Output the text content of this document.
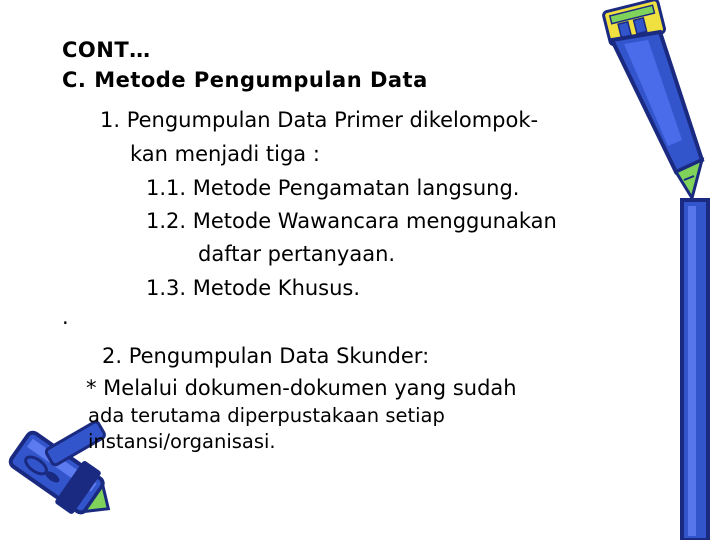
CONT…
C. Metode Pengumpulan Data
1. Pengumpulan Data Primer dikelompok-
kan menjadi tiga :
1.1. Metode Pengamatan langsung.
1.2. Metode Wawancara menggunakan
daftar pertanyaan.
1.3. Metode Khusus.
.
2. Pengumpulan Data Skunder:
* Melalui dokumen-dokumen yang sudah
ada terutama diperpustakaan setiap
instansi/organisasi.
